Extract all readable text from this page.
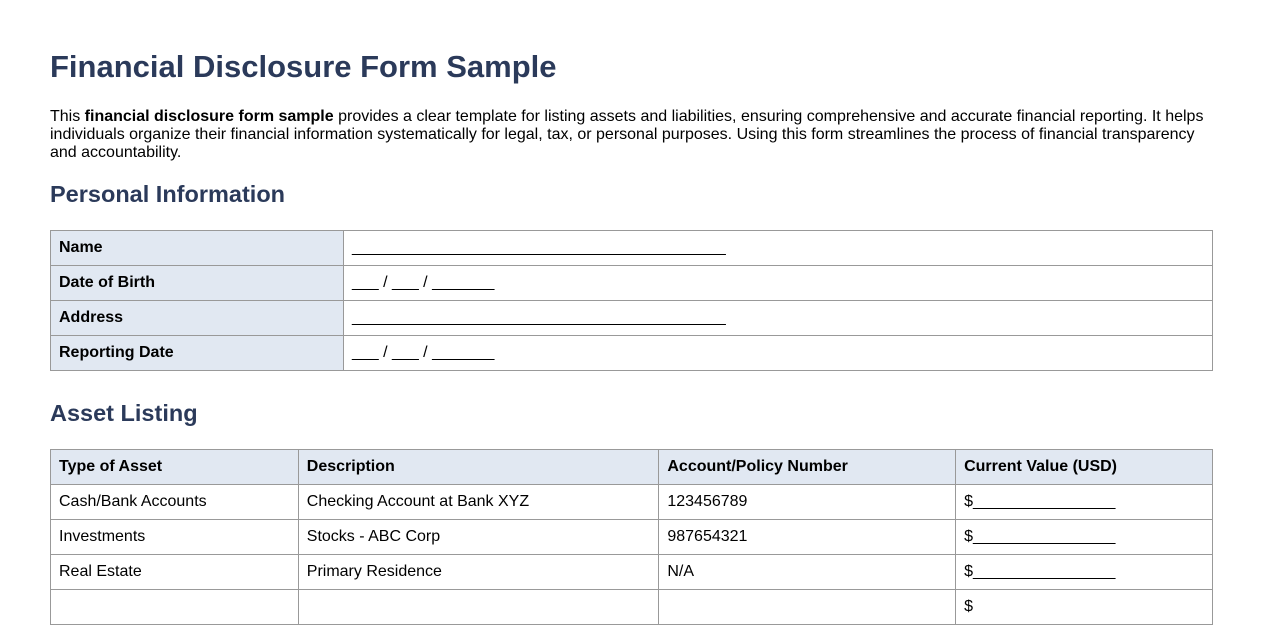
Financial Disclosure Form Sample

This financial disclosure form sample provides a clear template for listing assets and liabilities, ensuring comprehensive and accurate financial reporting. It helps individuals organize their financial information systematically for legal, tax, or personal purposes. Using this form streamlines the process of financial transparency and accountability.

Personal Information
Name	__________________________________________
Date of Birth	___ / ___ / _______
Address	__________________________________________
Reporting Date	___ / ___ / _______
Asset Listing
Type of Asset	Description	Account/Policy Number	Current Value (USD)
Cash/Bank Accounts	Checking Account at Bank XYZ	123456789	$________________
Investments	Stocks - ABC Corp	987654321	$________________
Real Estate	Primary Residence	N/A	$________________
			$
